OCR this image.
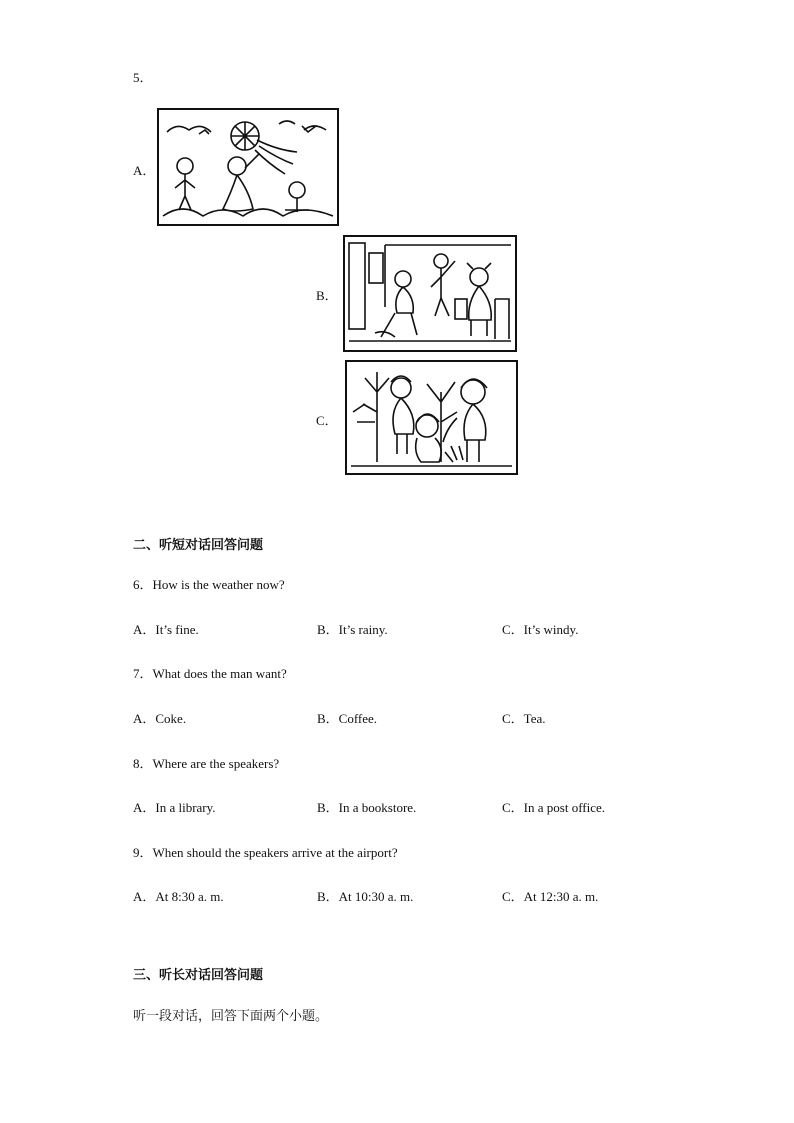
5．
A．
B．
C．
二、听短对话回答问题
6．How is the weather now?
A．It’s fine.	B．It’s rainy.	C．It’s windy.
7．What does the man want?
A．Coke.	B．Coffee.	C．Tea.
8．Where are the speakers?
A．In a library.	B．In a bookstore.	C．In a post office.
9．When should the speakers arrive at the airport?
A．At 8:30 a. m.	B．At 10:30 a. m.	C．At 12:30 a. m.
三、听长对话回答问题
听一段对话，回答下面两个小题。
